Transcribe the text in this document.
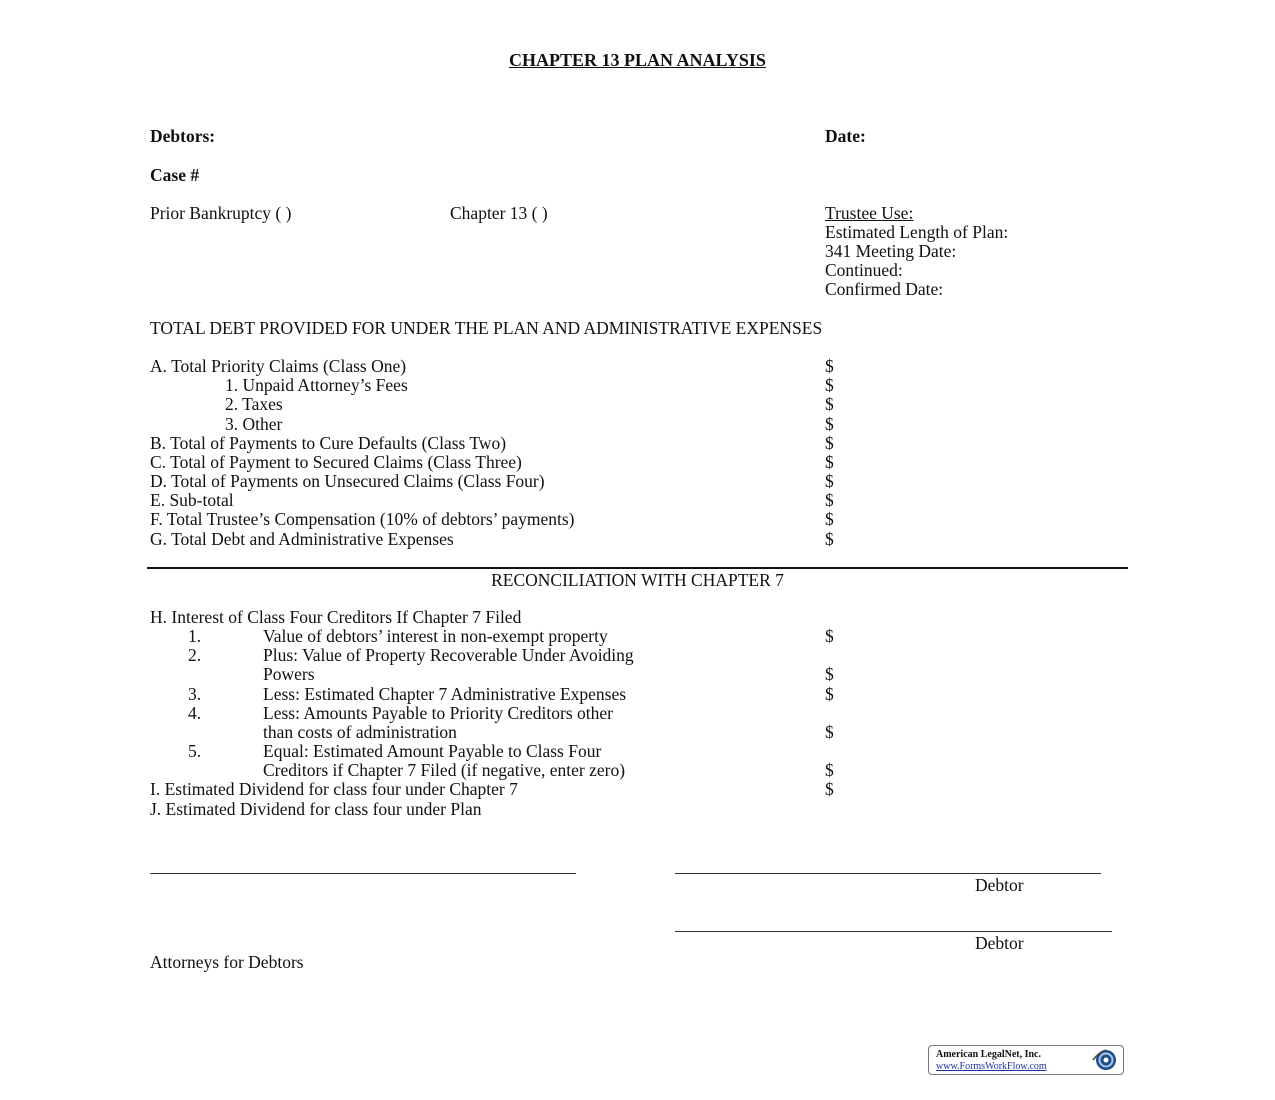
CHAPTER 13 PLAN ANALYSIS
Debtors:	Date:
Case #
Prior Bankruptcy ( )	Chapter 13 ( )	Trustee Use:
Estimated Length of Plan:
341 Meeting Date:
Continued:
Confirmed Date:
TOTAL DEBT PROVIDED FOR UNDER THE PLAN AND ADMINISTRATIVE EXPENSES
A. Total Priority Claims (Class One)	$
1. Unpaid Attorney’s Fees	$
2. Taxes	$
3. Other	$
B. Total of Payments to Cure Defaults (Class Two)	$
C. Total of Payment to Secured Claims (Class Three)	$
D. Total of Payments on Unsecured Claims (Class Four)	$
E. Sub-total	$
F. Total Trustee’s Compensation (10% of debtors’ payments)	$
G. Total Debt and Administrative Expenses	$
RECONCILIATION WITH CHAPTER 7
H. Interest of Class Four Creditors If Chapter 7 Filed
1.	Value of debtors’ interest in non-exempt property	$
2.	Plus: Value of Property Recoverable Under Avoiding
Powers	$
3.	Less: Estimated Chapter 7 Administrative Expenses	$
4.	Less: Amounts Payable to Priority Creditors other
than costs of administration	$
5.	Equal: Estimated Amount Payable to Class Four
Creditors if Chapter 7 Filed (if negative, enter zero)	$
I. Estimated Dividend for class four under Chapter 7	$
J. Estimated Dividend for class four under Plan
Debtor
Debtor
Attorneys for Debtors
American LegalNet, Inc.
www.FormsWorkFlow.com
